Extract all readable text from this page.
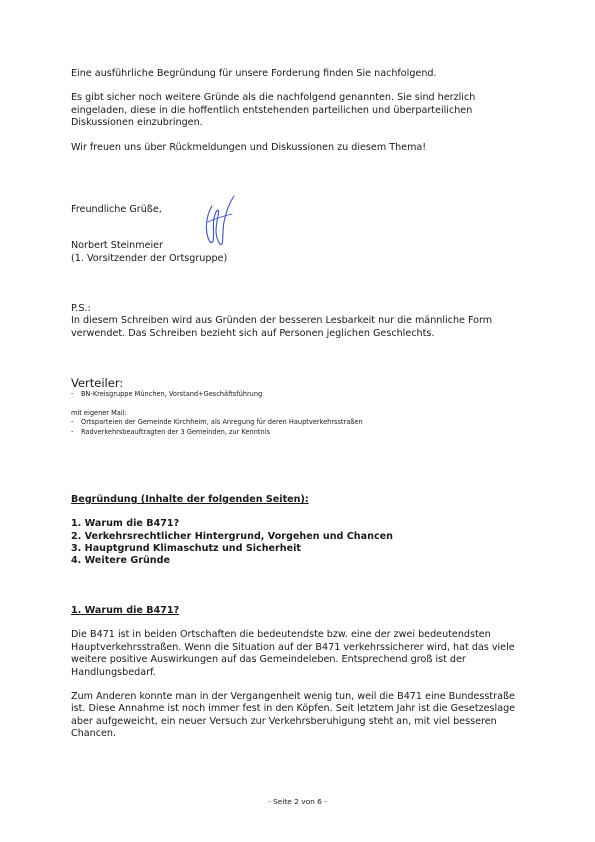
Eine ausführliche Begründung für unsere Forderung finden Sie nachfolgend.

Es gibt sicher noch weitere Gründe als die nachfolgend genannten. Sie sind herzlich eingeladen, diese in die hoffentlich entstehenden parteilichen und überparteilichen Diskussionen einzubringen.

Wir freuen uns über Rückmeldungen und Diskussionen zu diesem Thema!

Freundliche Grüße,

Norbert Steinmeier

(1. Vorsitzender der Ortsgruppe)

P.S.:

In diesem Schreiben wird aus Gründen der besseren Lesbarkeit nur die männliche Form verwendet. Das Schreiben bezieht sich auf Personen jeglichen Geschlechts.

Verteiler:

-	BN-Kreisgruppe München, Vorstand+Geschäftsführung

mit eigener Mail:

-	Ortsparteien der Gemeinde Kirchheim, als Anregung für deren Hauptverkehrsstraßen
-	Radverkehrsbeauftragten der 3 Gemeinden, zur Kenntnis

Begründung (Inhalte der folgenden Seiten):

1. Warum die B471?

2. Verkehrsrechtlicher Hintergrund, Vorgehen und Chancen

3. Hauptgrund Klimaschutz und Sicherheit

4. Weitere Gründe

1. Warum die B471?

Die B471 ist in beiden Ortschaften die bedeutendste bzw. eine der zwei bedeutendsten Hauptverkehrsstraßen. Wenn die Situation auf der B471 verkehrssicherer wird, hat das viele weitere positive Auswirkungen auf das Gemeindeleben. Entsprechend groß ist der Handlungsbedarf.

Zum Anderen konnte man in der Vergangenheit wenig tun, weil die B471 eine Bundesstraße ist. Diese Annahme ist noch immer fest in den Köpfen. Seit letztem Jahr ist die Gesetzeslage aber aufgeweicht, ein neuer Versuch zur Verkehrsberuhigung steht an, mit viel besseren Chancen.

- Seite 2 von 6 -
